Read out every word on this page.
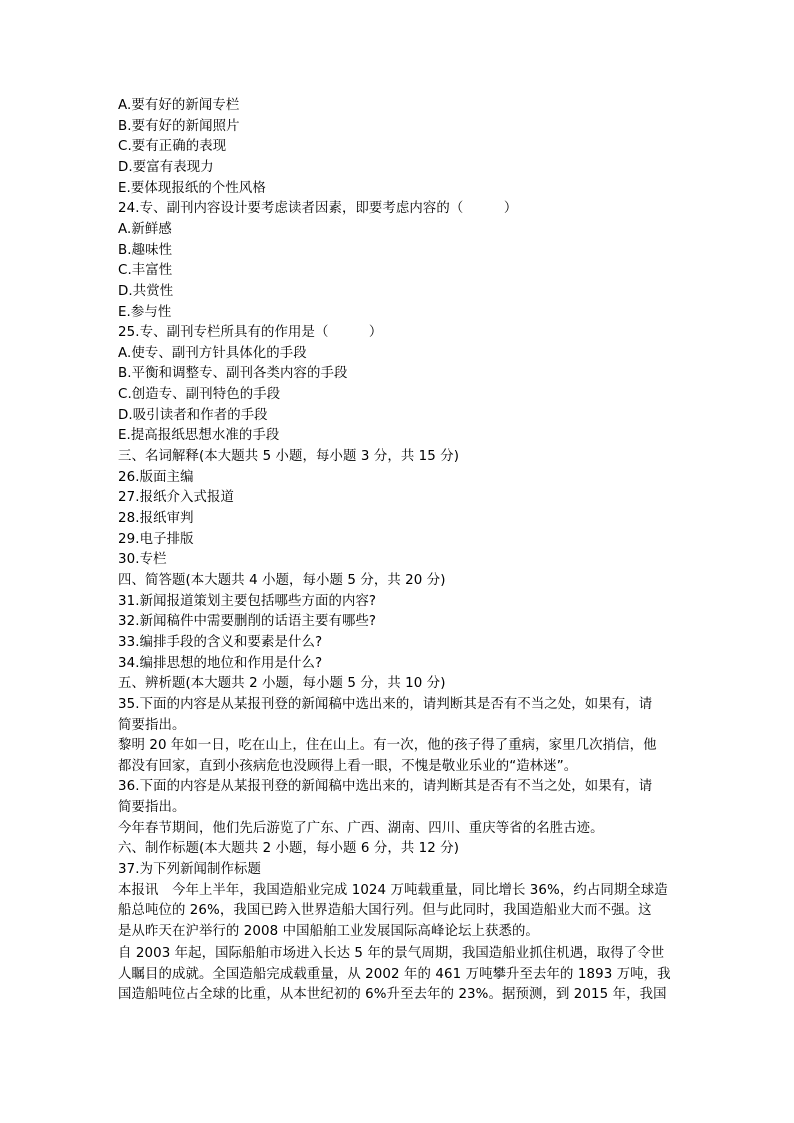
A.要有好的新闻专栏
B.要有好的新闻照片
C.要有正确的表现
D.要富有表现力
E.要体现报纸的个性风格
24.专、副刊内容设计要考虑读者因素，即要考虑内容的（　　　）
A.新鲜感
B.趣味性
C.丰富性
D.共赏性
E.参与性
25.专、副刊专栏所具有的作用是（　　　）
A.使专、副刊方针具体化的手段
B.平衡和调整专、副刊各类内容的手段
C.创造专、副刊特色的手段
D.吸引读者和作者的手段
E.提高报纸思想水准的手段
三、名词解释(本大题共 5 小题，每小题 3 分，共 15 分)
26.版面主编
27.报纸介入式报道
28.报纸审判
29.电子排版
30.专栏
四、简答题(本大题共 4 小题，每小题 5 分，共 20 分)
31.新闻报道策划主要包括哪些方面的内容?
32.新闻稿件中需要删削的话语主要有哪些?
33.编排手段的含义和要素是什么?
34.编排思想的地位和作用是什么?
五、辨析题(本大题共 2 小题，每小题 5 分，共 10 分)
35.下面的内容是从某报刊登的新闻稿中选出来的，请判断其是否有不当之处，如果有，请
简要指出。
黎明 20 年如一日，吃在山上，住在山上。有一次，他的孩子得了重病，家里几次捎信，他
都没有回家，直到小孩病危也没顾得上看一眼，不愧是敬业乐业的“造林迷”。
36.下面的内容是从某报刊登的新闻稿中选出来的，请判断其是否有不当之处，如果有，请
简要指出。
今年春节期间，他们先后游览了广东、广西、湖南、四川、重庆等省的名胜古迹。
六、制作标题(本大题共 2 小题，每小题 6 分，共 12 分)
37.为下列新闻制作标题
本报讯　今年上半年，我国造船业完成 1024 万吨载重量，同比增长 36%，约占同期全球造
船总吨位的 26%，我国已跨入世界造船大国行列。但与此同时，我国造船业大而不强。这
是从昨天在沪举行的 2008 中国船舶工业发展国际高峰论坛上获悉的。
自 2003 年起，国际船舶市场进入长达 5 年的景气周期，我国造船业抓住机遇，取得了令世
人瞩目的成就。全国造船完成载重量，从 2002 年的 461 万吨攀升至去年的 1893 万吨，我
国造船吨位占全球的比重，从本世纪初的 6%升至去年的 23%。据预测，到 2015 年，我国
